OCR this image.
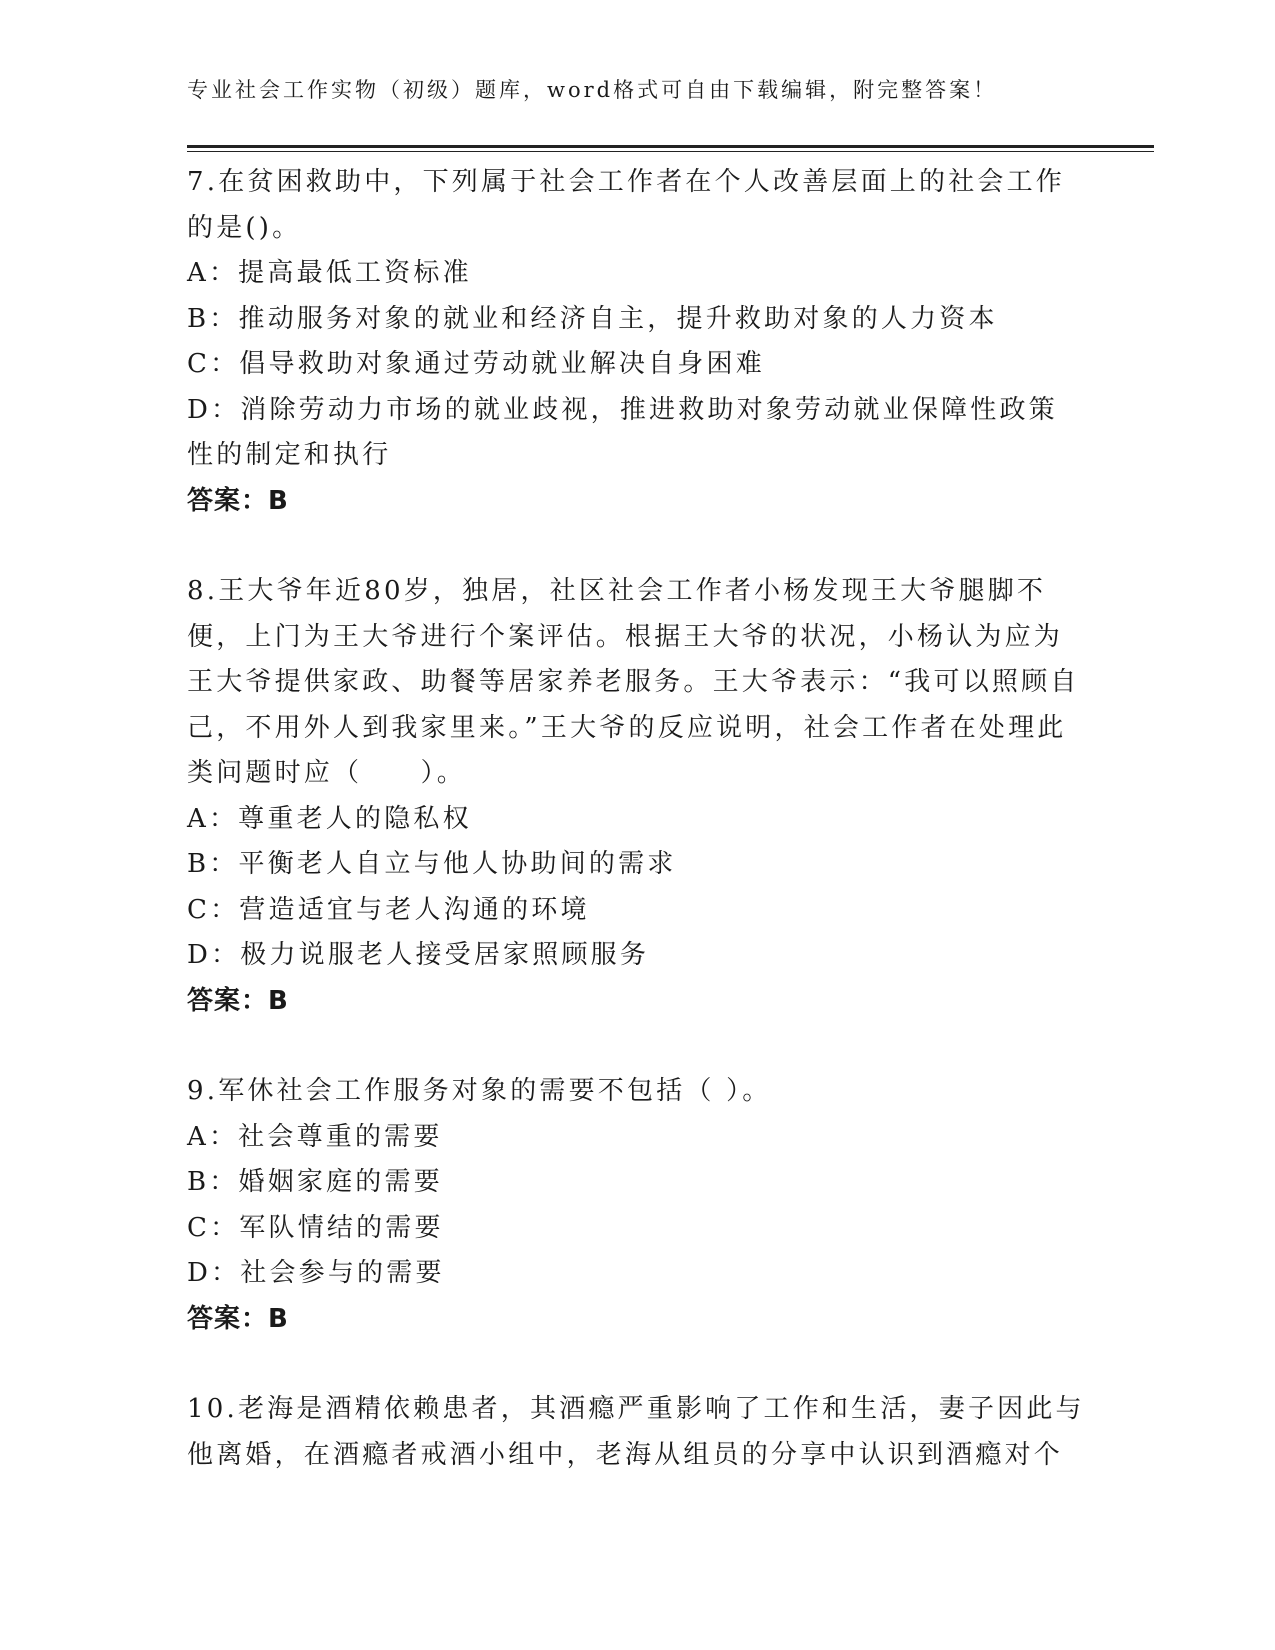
专业社会工作实物（初级）题库，word格式可自由下载编辑，附完整答案！

7.在贫困救助中，下列属于社会工作者在个人改善层面上的社会工作的是()。

A：提高最低工资标准

B：推动服务对象的就业和经济自主，提升救助对象的人力资本

C：倡导救助对象通过劳动就业解决自身困难

D：消除劳动力市场的就业歧视，推进救助对象劳动就业保障性政策性的制定和执行

答案：B

8.王大爷年近80岁，独居，社区社会工作者小杨发现王大爷腿脚不便，上门为王大爷进行个案评估。根据王大爷的状况，小杨认为应为王大爷提供家政、助餐等居家养老服务。王大爷表示：“我可以照顾自己，不用外人到我家里来。”王大爷的反应说明，社会工作者在处理此类问题时应（　　）。

A：尊重老人的隐私权

B：平衡老人自立与他人协助间的需求

C：营造适宜与老人沟通的环境

D：极力说服老人接受居家照顾服务

答案：B

9.军休社会工作服务对象的需要不包括（ ）。

A：社会尊重的需要

B：婚姻家庭的需要

C：军队情结的需要

D：社会参与的需要

答案：B

10.老海是酒精依赖患者，其酒瘾严重影响了工作和生活，妻子因此与他离婚，在酒瘾者戒酒小组中，老海从组员的分享中认识到酒瘾对个
